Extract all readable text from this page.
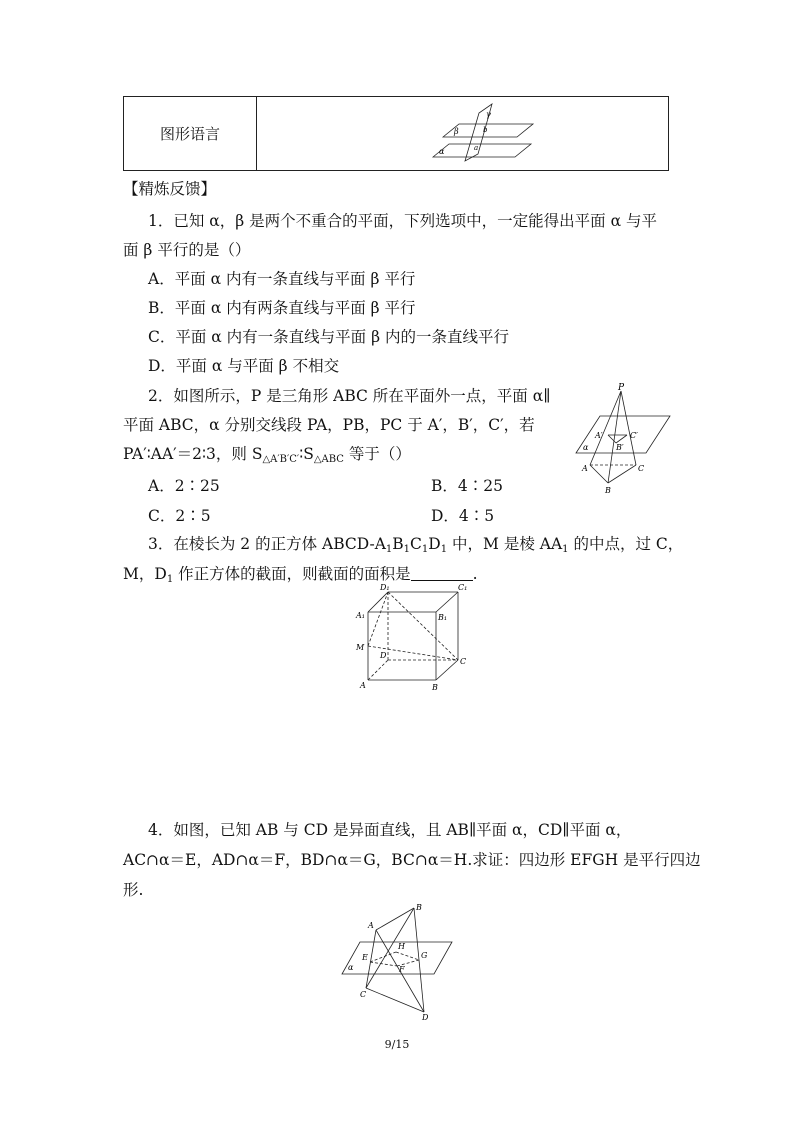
图形语言	β
γ
α	a
b
【精炼反馈】
1．已知 α，β 是两个不重合的平面，下列选项中，一定能得出平面 α 与平
面 β 平行的是（）
A．平面 α 内有一条直线与平面 β 平行
B．平面 α 内有两条直线与平面 β 平行
C．平面 α 内有一条直线与平面 β 内的一条直线平行
D．平面 α 与平面 β 不相交
2．如图所示，P 是三角形 ABC 所在平面外一点，平面 α∥
平面 ABC，α 分别交线段 PA，PB，PC 于 A′，B′，C′，若
PA′∶AA′＝2∶3，则 $S_{\triangle A'B'C'}∶S_{\triangle ABC}$ 等于（）
A．2∶25	B．4∶25
C．2∶5	D．4∶5
P
A′	C′
B′
α
A	C
B
3．在棱长为 2 的正方体 ABCD-$A_1B_1C_1D_1$ 中，M 是棱 $AA_1$ 的中点，过 C，
M，$D_1$ 作正方体的截面，则截面的面积是	.
D₁	C₁
A₁	B₁
M
D
C
A	B
4．如图，已知 AB 与 CD 是异面直线，且 AB∥平面 α，CD∥平面 α，
AC∩α＝E，AD∩α＝F，BD∩α＝G，BC∩α＝H.求证：四边形 EFGH 是平行四边
形.
B
A
H
E	G
F
α
C
D
9/15
